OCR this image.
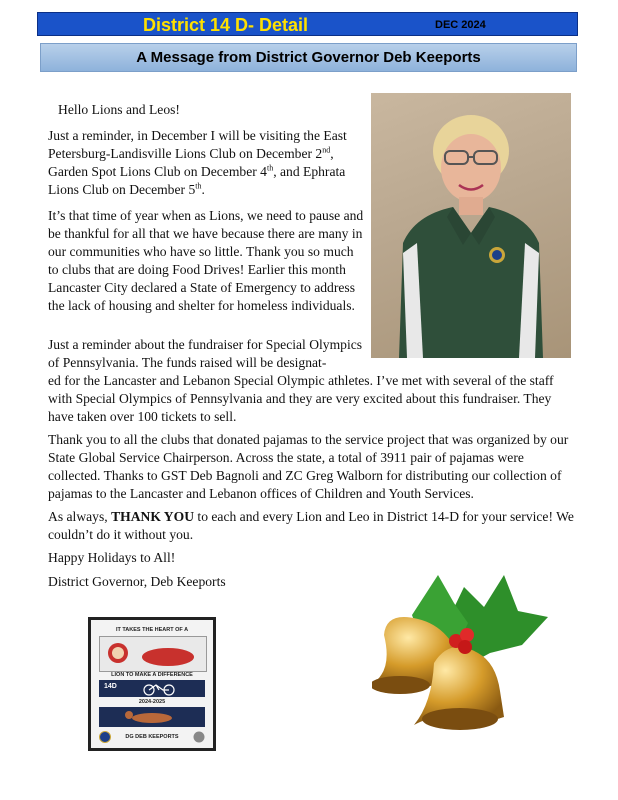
District 14 D- Detail	DEC 2024
A Message from District Governor Deb Keeports

Hello Lions and Leos!

Just a reminder, in December I will be visiting the East Petersburg-Landisville Lions Club on December 2nd, Garden Spot Lions Club on December 4th, and Ephrata Lions Club on December 5th.

It’s that time of year when as Lions, we need to pause and be thankful for all that we have because there are many in our communities who have so little. Thank you so much to clubs that are doing Food Drives! Earlier this month Lancaster City declared a State of Emergency to address the lack of housing and shelter for homeless individuals.

Just a reminder about the fundraiser for Special Olympics of Pennsylvania. The funds raised will be designat-

ed for the Lancaster and Lebanon Special Olympic athletes. I’ve met with several of the staff with Special Olympics of Pennsylvania and they are very excited about this fundraiser. They have taken over 100 tickets to sell.

Thank you to all the clubs that donated pajamas to the service project that was organized by our State Global Service Chairperson. Across the state, a total of 3911 pair of pajamas were collected. Thanks to GST Deb Bagnoli and ZC Greg Walborn for distributing our collection of pajamas to the Lancaster and Lebanon offices of Children and Youth Services.

As always, THANK YOU to each and every Lion and Leo in District 14-D for your service! We couldn’t do it without you.

Happy Holidays to All!

District Governor, Deb Keeports

IT TAKES THE HEART OF A
LION TO MAKE A DIFFERENCE
14D
2024-2025
DG DEB KEEPORTS
